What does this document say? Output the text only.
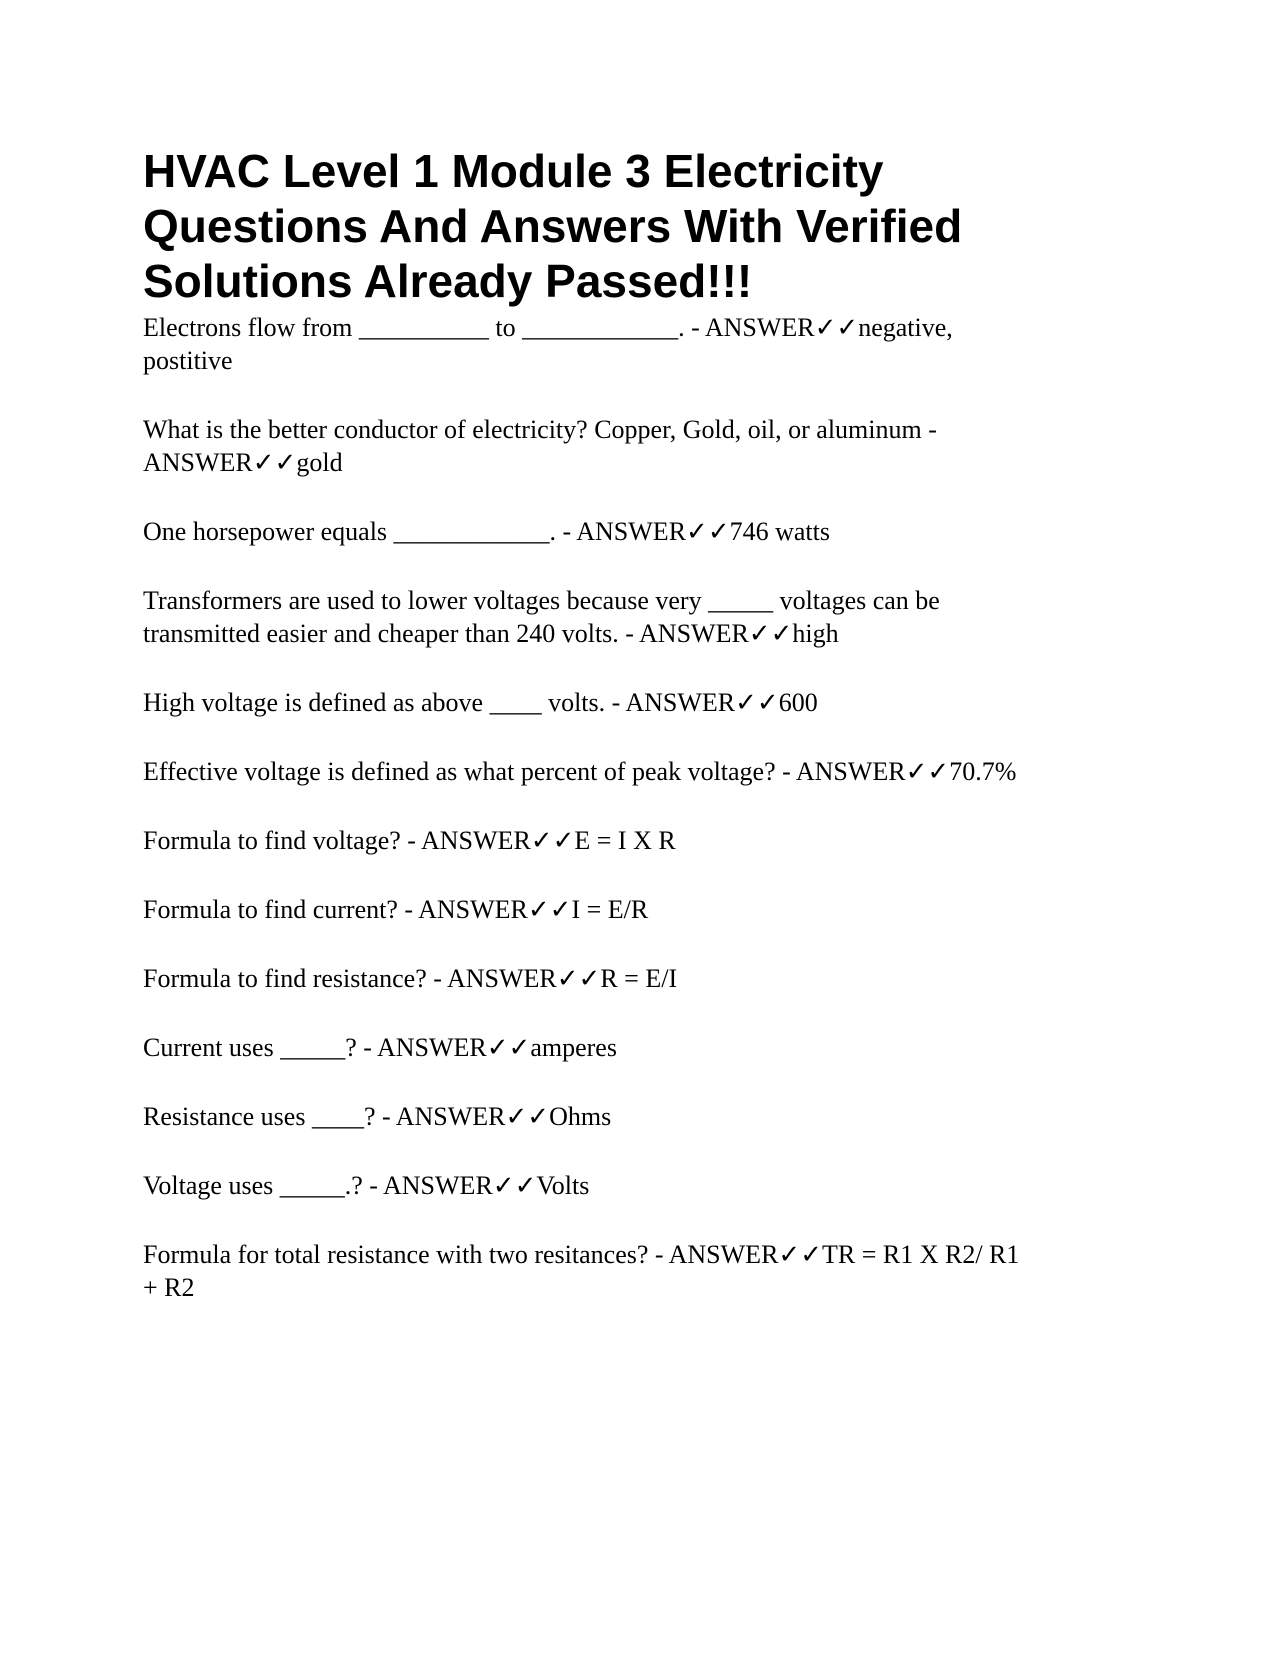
HVAC Level 1 Module 3 Electricity Questions And Answers With Verified Solutions Already Passed!!!

Electrons flow from __________ to ____________. - ANSWER✓✓negative, postitive

What is the better conductor of electricity? Copper, Gold, oil, or aluminum - ANSWER✓✓gold

One horsepower equals ____________. - ANSWER✓✓746 watts

Transformers are used to lower voltages because very _____ voltages can be transmitted easier and cheaper than 240 volts. - ANSWER✓✓high

High voltage is defined as above ____ volts. - ANSWER✓✓600

Effective voltage is defined as what percent of peak voltage? - ANSWER✓✓70.7%

Formula to find voltage? - ANSWER✓✓E = I X R

Formula to find current? - ANSWER✓✓I = E/R

Formula to find resistance? - ANSWER✓✓R = E/I

Current uses _____? - ANSWER✓✓amperes

Resistance uses ____? - ANSWER✓✓Ohms

Voltage uses _____.? - ANSWER✓✓Volts

Formula for total resistance with two resitances? - ANSWER✓✓TR = R1 X R2/ R1 + R2
